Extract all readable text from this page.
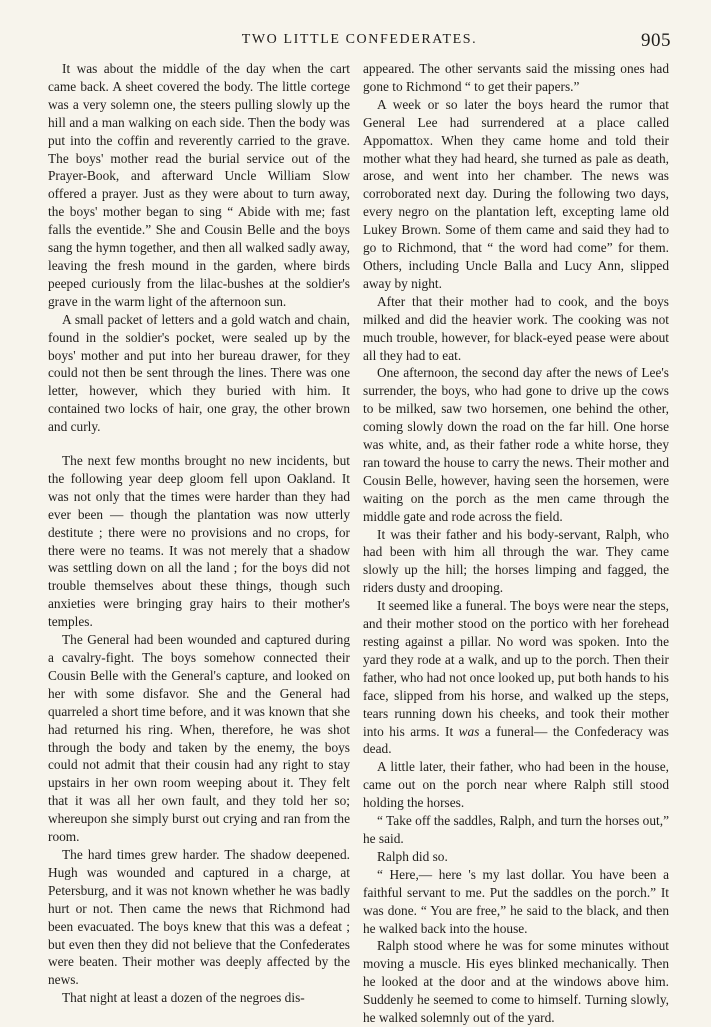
TWO LITTLE CONFEDERATES.	905

It was about the middle of the day when the cart came back. A sheet covered the body. The little cortege was a very solemn one, the steers pulling slowly up the hill and a man walking on each side. Then the body was put into the coffin and reverently carried to the grave. The boys' mother read the burial service out of the Prayer-Book, and afterward Uncle William Slow offered a prayer. Just as they were about to turn away, the boys' mother began to sing “ Abide with me; fast falls the eventide.” She and Cousin Belle and the boys sang the hymn together, and then all walked sadly away, leaving the fresh mound in the garden, where birds peeped curiously from the lilac-bushes at the soldier's grave in the warm light of the afternoon sun.

A small packet of letters and a gold watch and chain, found in the soldier's pocket, were sealed up by the boys' mother and put into her bureau drawer, for they could not then be sent through the lines. There was one letter, however, which they buried with him. It contained two locks of hair, one gray, the other brown and curly.

The next few months brought no new incidents, but the following year deep gloom fell upon Oakland. It was not only that the times were harder than they had ever been — though the plantation was now utterly destitute ; there were no provisions and no crops, for there were no teams. It was not merely that a shadow was settling down on all the land ; for the boys did not trouble themselves about these things, though such anxieties were bringing gray hairs to their mother's temples.

The General had been wounded and captured during a cavalry-fight. The boys somehow connected their Cousin Belle with the General's capture, and looked on her with some disfavor. She and the General had quarreled a short time before, and it was known that she had returned his ring. When, therefore, he was shot through the body and taken by the enemy, the boys could not admit that their cousin had any right to stay upstairs in her own room weeping about it. They felt that it was all her own fault, and they told her so; whereupon she simply burst out crying and ran from the room.

The hard times grew harder. The shadow deepened. Hugh was wounded and captured in a charge, at Petersburg, and it was not known whether he was badly hurt or not. Then came the news that Richmond had been evacuated. The boys knew that this was a defeat ; but even then they did not believe that the Confederates were beaten. Their mother was deeply affected by the news.

That night at least a dozen of the negroes dis-

appeared. The other servants said the missing ones had gone to Richmond “ to get their papers.”

A week or so later the boys heard the rumor that General Lee had surrendered at a place called Appomattox. When they came home and told their mother what they had heard, she turned as pale as death, arose, and went into her chamber. The news was corroborated next day. During the following two days, every negro on the plantation left, excepting lame old Lukey Brown. Some of them came and said they had to go to Richmond, that “ the word had come” for them. Others, including Uncle Balla and Lucy Ann, slipped away by night.

After that their mother had to cook, and the boys milked and did the heavier work. The cooking was not much trouble, however, for black-eyed pease were about all they had to eat.

One afternoon, the second day after the news of Lee's surrender, the boys, who had gone to drive up the cows to be milked, saw two horsemen, one behind the other, coming slowly down the road on the far hill. One horse was white, and, as their father rode a white horse, they ran toward the house to carry the news. Their mother and Cousin Belle, however, having seen the horsemen, were waiting on the porch as the men came through the middle gate and rode across the field.

It was their father and his body-servant, Ralph, who had been with him all through the war. They came slowly up the hill; the horses limping and fagged, the riders dusty and drooping.

It seemed like a funeral. The boys were near the steps, and their mother stood on the portico with her forehead resting against a pillar. No word was spoken. Into the yard they rode at a walk, and up to the porch. Then their father, who had not once looked up, put both hands to his face, slipped from his horse, and walked up the steps, tears running down his cheeks, and took their mother into his arms. It was a funeral— the Confederacy was dead.

A little later, their father, who had been in the house, came out on the porch near where Ralph still stood holding the horses.

“ Take off the saddles, Ralph, and turn the horses out,” he said.

Ralph did so.

“ Here,— here 's my last dollar. You have been a faithful servant to me. Put the saddles on the porch.” It was done. “ You are free,” he said to the black, and then he walked back into the house.

Ralph stood where he was for some minutes without moving a muscle. His eyes blinked mechanically. Then he looked at the door and at the windows above him. Suddenly he seemed to come to himself. Turning slowly, he walked solemnly out of the yard.
